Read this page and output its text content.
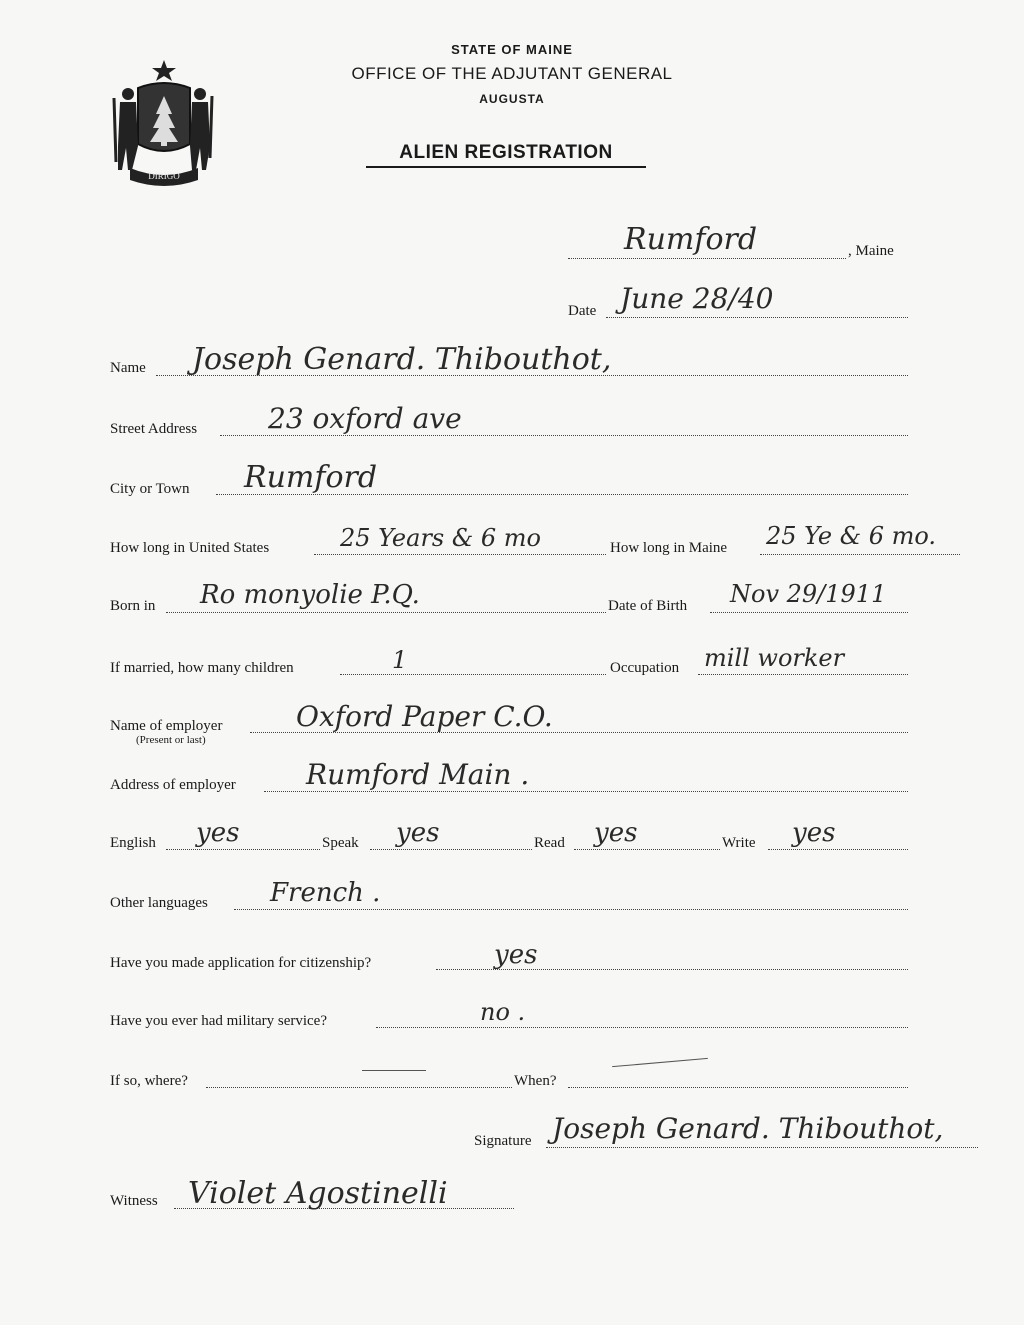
DIRIGO
STATE OF MAINE
OFFICE OF THE ADJUTANT GENERAL
AUGUSTA
ALIEN REGISTRATION
Rumford	, Maine
Date June 28/40
Name Joseph Genard. Thibouthot,
Street Address	23 oxford ave
City or Town Rumford
How long in United States	25 Years & 6 mo	How long in Maine 25 Ye & 6 mo.
Born in Ro monyolie P.Q.	Date of Birth Nov 29/1911
If married, how many children	1	Occupation mill worker
Name of employer
(Present or last)
Oxford Paper C.O.
Address of employer	Rumford Main .
English yes	Speak yes	Read yes	Write yes
Other languages French .
Have you made application for citizenship?	yes
Have you ever had military service?	no .
If so, where?	When?
Signature Joseph Genard. Thibouthot,
Witness Violet Agostinelli
